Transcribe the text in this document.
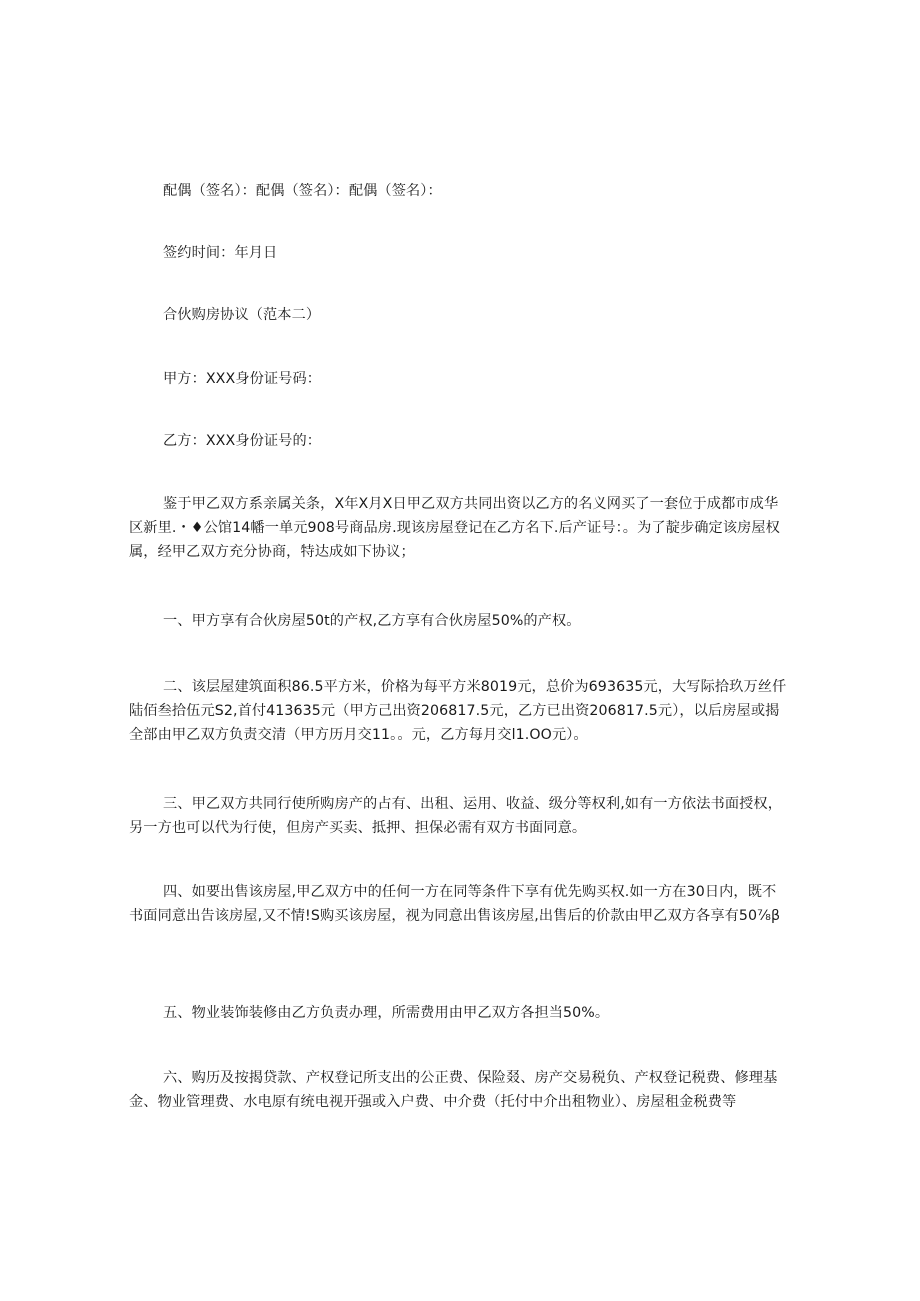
配偶（签名）：配偶（签名）：配偶（签名）：

签约时间：年月日

合伙购房协议（范本二）

甲方：XXX身份证号码：

乙方：XXX身份证号的：

鉴于甲乙双方系亲属关条，X年X月X日甲乙双方共同出资以乙方的名义网买了一套位于成都市成华区新里.・♦公馆14幡一单元908号商品房.现该房屋登记在乙方名下.后产证号：。为了靛步确定该房屋权属，经甲乙双方充分协商，特达成如下协议；

一、甲方享有合伙房屋50t的产权,乙方享有合伙房屋50%的产权。

二、该层屋建筑面积86.5平方米，价格为每平方米8019元，总价为693635元，大写际拾玖万丝仟陆佰叁拾伍元S2,首付413635元（甲方己出资206817.5元，乙方已出资206817.5元），以后房屋或揭全部由甲乙双方负责交清（甲方历月交11。。元，乙方每月交l1.OO元）。

三、甲乙双方共同行使所购房产的占有、出租、运用、收益、级分等权利,如有一方依法书面授权，另一方也可以代为行使，但房产买卖、抵押、担保必需有双方书面同意。

四、如要出售该房屋,甲乙双方中的任何一方在同等条件下享有优先购买权.如一方在30日内，既不书面同意出告该房屋,又不情!S购买该房屋，视为同意出售该房屋,出售后的价款由甲乙双方各享有50⅞β

五、物业装饰装修由乙方负责办理，所需费用由甲乙双方各担当50%。

六、购历及按揭贷款、产权登记所支出的公正费、保险叕、房产交易税负、产权登记税费、修理基金、物业管理费、水电原有统电视开强或入户费、中介费（托付中介出租物业）、房屋租金税费等
